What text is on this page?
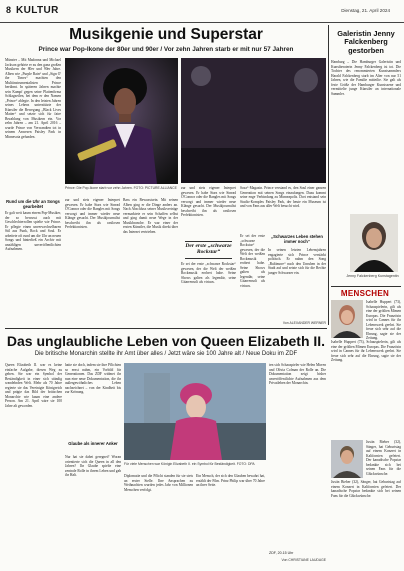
8 KULTUR	Dienstag, 21. April 2024
Musikgenie und Superstar
Prince war Pop-Ikone der 80er und 90er / Vor zehn Jahren starb er mit nur 57 Jahren
Münster – Mit Madonna und Michael Jackson gehörte er zu den ganz großen Musikern der 80er und 90er Jahre. Alben wie „Purple Rain“ und „Sign O' the Times“ machten den Multiinstrumentalisten Prince berühmt. In späteren Jahren machte sein Kampf gegen seine Plattenfirma Schlagzeilen, bei dem er den Namen „Prince“ ablegte. In den letzten Jahren seines Lebens unterstützte der Künstler die Bewegung „Black Lives Matter“ und setzte sich für faire Bezahlung von Musikern ein. Vor zehn Jahren – am 21. April 2016 – wurde Prince von Verwandten tot in seinem Anwesen Paisley Park in Minnesota gefunden.
Rund um die Uhr an Songs gearbeitet
Er galt weit kaum einem Pop-Musiker, der so bewusst auch mit Geschlechterrollen spielte wie Prince. Er pflegte einen unverwechselbaren Stil aus Funk, Rock und Soul. Er arbeitete oft rund um die Uhr an neuen Songs und hinterließ ein Archiv mit unzähligen unveröffentlichten Aufnahmen.
Prince: Die Pop-Ikone starb vor zehn Jahren. FOTO: PICTURE ALLIANCE
zur und stets eigener Interpret gewesen. Er habe Stars wie Sinead O'Connor oder die Bangles mit Songs versorgt und immer wieder neue Klänge gesucht. Der Musikjournalist beschreibt ihn als rastlosen Perfektionisten.
Bass ein Bewusstsein. Mit seinen Alben ging er die Dinge anders an. Nach Abschluss seiner Musikverträge vermarktete er sein Schaffen selbst und ging damit neue Wege in der Musikbranche. Er war einer der ersten Künstler, die Musik direkt über das Internet vertrieben.
zur und stets eigener Interpret gewesen. Er habe Stars wie Sinead O'Connor oder die Bangles mit Songs versorgt und immer wieder neue Klänge gesucht. Der Musikjournalist beschreibt ihn als rastlosen Perfektionisten.
Der erste „schwarze Rockstar“
Er sei der erste „schwarze Rockstar“ gewesen, der die Welt der weißen Rockmusik erobert habe. Seine Shows galten als legendär, seine Gitarrensoli als virtuos.
Sosa“-Magazin. Prince verstand es, den Soul einer ganzen Generation mit seinen Songs einzufangen. Dazu kommt seine enge Verbindung zu Minneapolis. Dort entstand sein Studio-Komplex Paisley Park, der heute ein Museum ist und von Fans aus aller Welt besucht wird.
„Schwarzes Leben stehen immer noch“
In seinen letzten Lebensjahren engagierte sich Prince verstärkt politisch. Er nahm den Song „Baltimore“ nach den Unruhen in der Stadt auf und setzte sich für die Rechte junger Schwarzer ein.
Er sei der erste „schwarze Rockstar“ gewesen, der die Welt der weißen Rockmusik erobert habe. Seine Shows galten als legendär, seine Gitarrensoli als virtuos.
Von ALEXANDER WERNER
Galeristin Jenny Falckenberg gestorben
Hamburg – Die Hamburger Galeristin und Kunstberaterin Jenny Falckenberg ist tot. Die Tochter des renommierten Kunstsammlers Harald Falckenberg starb im Alter von nur 51 Jahren, wie die Familie mitteilte. Sie galt als feste Größe der Hamburger Kunstszene und vermittelte junge Künstler an internationale Sammler.
Jenny Falckenberg Kunstagentin
MENSCHEN
Isabelle Huppert (73), Schauspielerin, gilt als eine der größten Mimen Europas. Die Französin wird in Cannes für ihr Lebenswerk geehrt. Sie freue sich sehr auf die Ehrung, sagte sie der Zeitung.
Isabelle Huppert (73), Schauspielerin, gilt als eine der größten Mimen Europas. Die Französin wird in Cannes für ihr Lebenswerk geehrt. Sie freue sich sehr auf die Ehrung, sagte sie der Zeitung.
Justin Bieber (32), Sänger, hat Geburtstag auf einem Konzert in Kalifornien gefeiert. Der kanadische Popstar bedankte sich bei seinen Fans für die Glückwünsche.
Justin Bieber (32), Sänger, hat Geburtstag auf einem Konzert in Kalifornien gefeiert. Der kanadische Popstar bedankte sich bei seinen Fans für die Glückwünsche.
Das unglaubliche Leben von Queen Elizabeth II.
Die britische Monarchin stellte ihr Amt über alles / Jetzt wäre sie 100 Jahre alt / Neue Doku im ZDF
Queen Elizabeth II. war es keine einfache Aufgabe, diesen Weg zu gehen. Sie war ein Symbol der Beständigkeit in einer sich ständig wandelnden Welt. Mehr als 70 Jahre regierte sie das Vereinigte Königreich und prägte das Bild der britischen Monarchie wie kaum eine andere Person. Am 21. April wäre sie 100 Jahre alt geworden.
hatte sie doch, indem sie ihre Pflichten so ernst nahm, ein Vorbild für Generationen. Das ZDF widmet ihr nun eine neue Dokumentation, die ihr außergewöhnliches Leben nachzeichnet – von der Kindheit bis zur Krönung.
Glaube als innerer Anker
Nur hat sie dabei geregnet? Woran orientierte sich die Queen in all den Jahren? Ihr Glaube spielte eine zentrale Rolle in ihrem Leben und gab ihr Halt.
Für viele Menschen war Königin Elizabeth II. ein Symbol für Beständigkeit. FOTO: DPA
Diplomatie und die Pflicht standen für sie stets an erster Stelle. Ihre Ansprachen zu Weihnachten wurden jedes Jahr von Millionen Menschen verfolgt.
Ein Mensch, der sich den Glauben bewahrt hat, erzählt der Film. Prinz Philip war über 70 Jahre an ihrer Seite.
ten sich Schauspieler wie Helen Mirren und Olivia Colman der Rolle an. Die Dokumentation zeigt bisher unveröffentlichte Aufnahmen aus dem Privatleben der Monarchin.
ZDF, 20.15 Uhr
Von CHRISTIANE LAUDAGE
